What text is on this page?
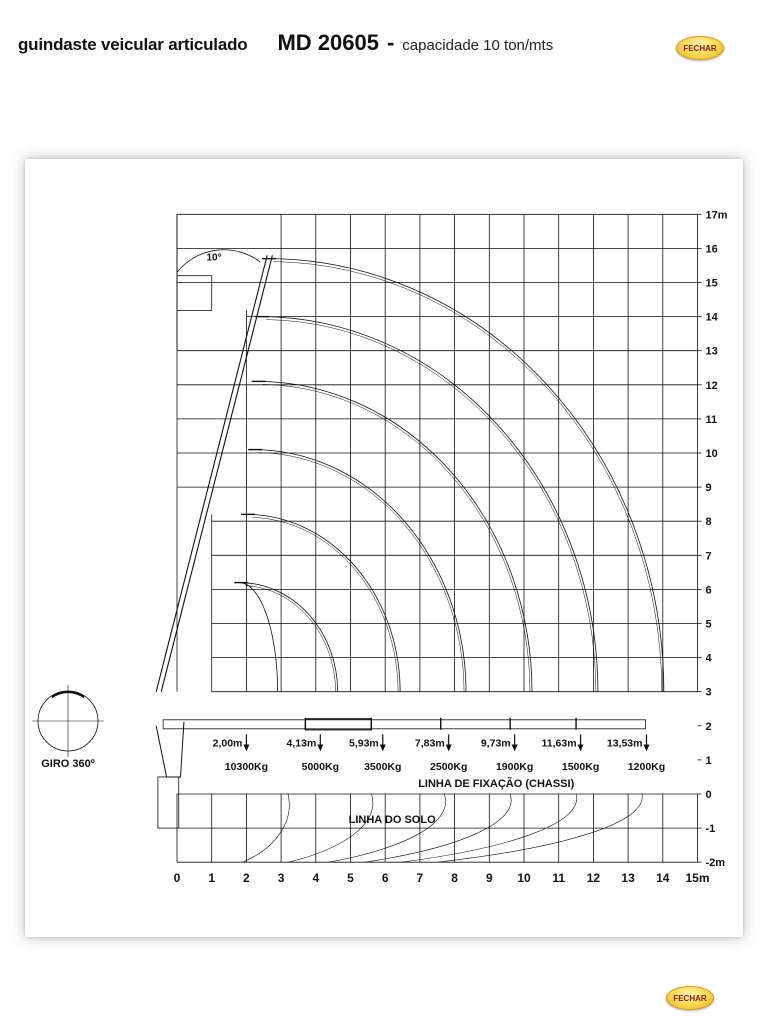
guindaste veicular articulado MD 20605 - capacidade 10 ton/mts	FECHAR
17m
16
15
14
13
12
11
10
9
8
7
6
5
4
3
2
1
0
-1
-2m
0 1 2 3 4 5 6 7 8 9 10 11 12 13 14 15m
10°
2,00m
10300Kg
4,13m
5000Kg
5,93m
3500Kg
7,83m
2500Kg
9,73m
1900Kg
11,63m
1500Kg
13,53m
1200Kg
LINHA DE FIXAÇÃO (CHASSI)
LINHA DO SOLO
GIRO 360º
FECHAR
